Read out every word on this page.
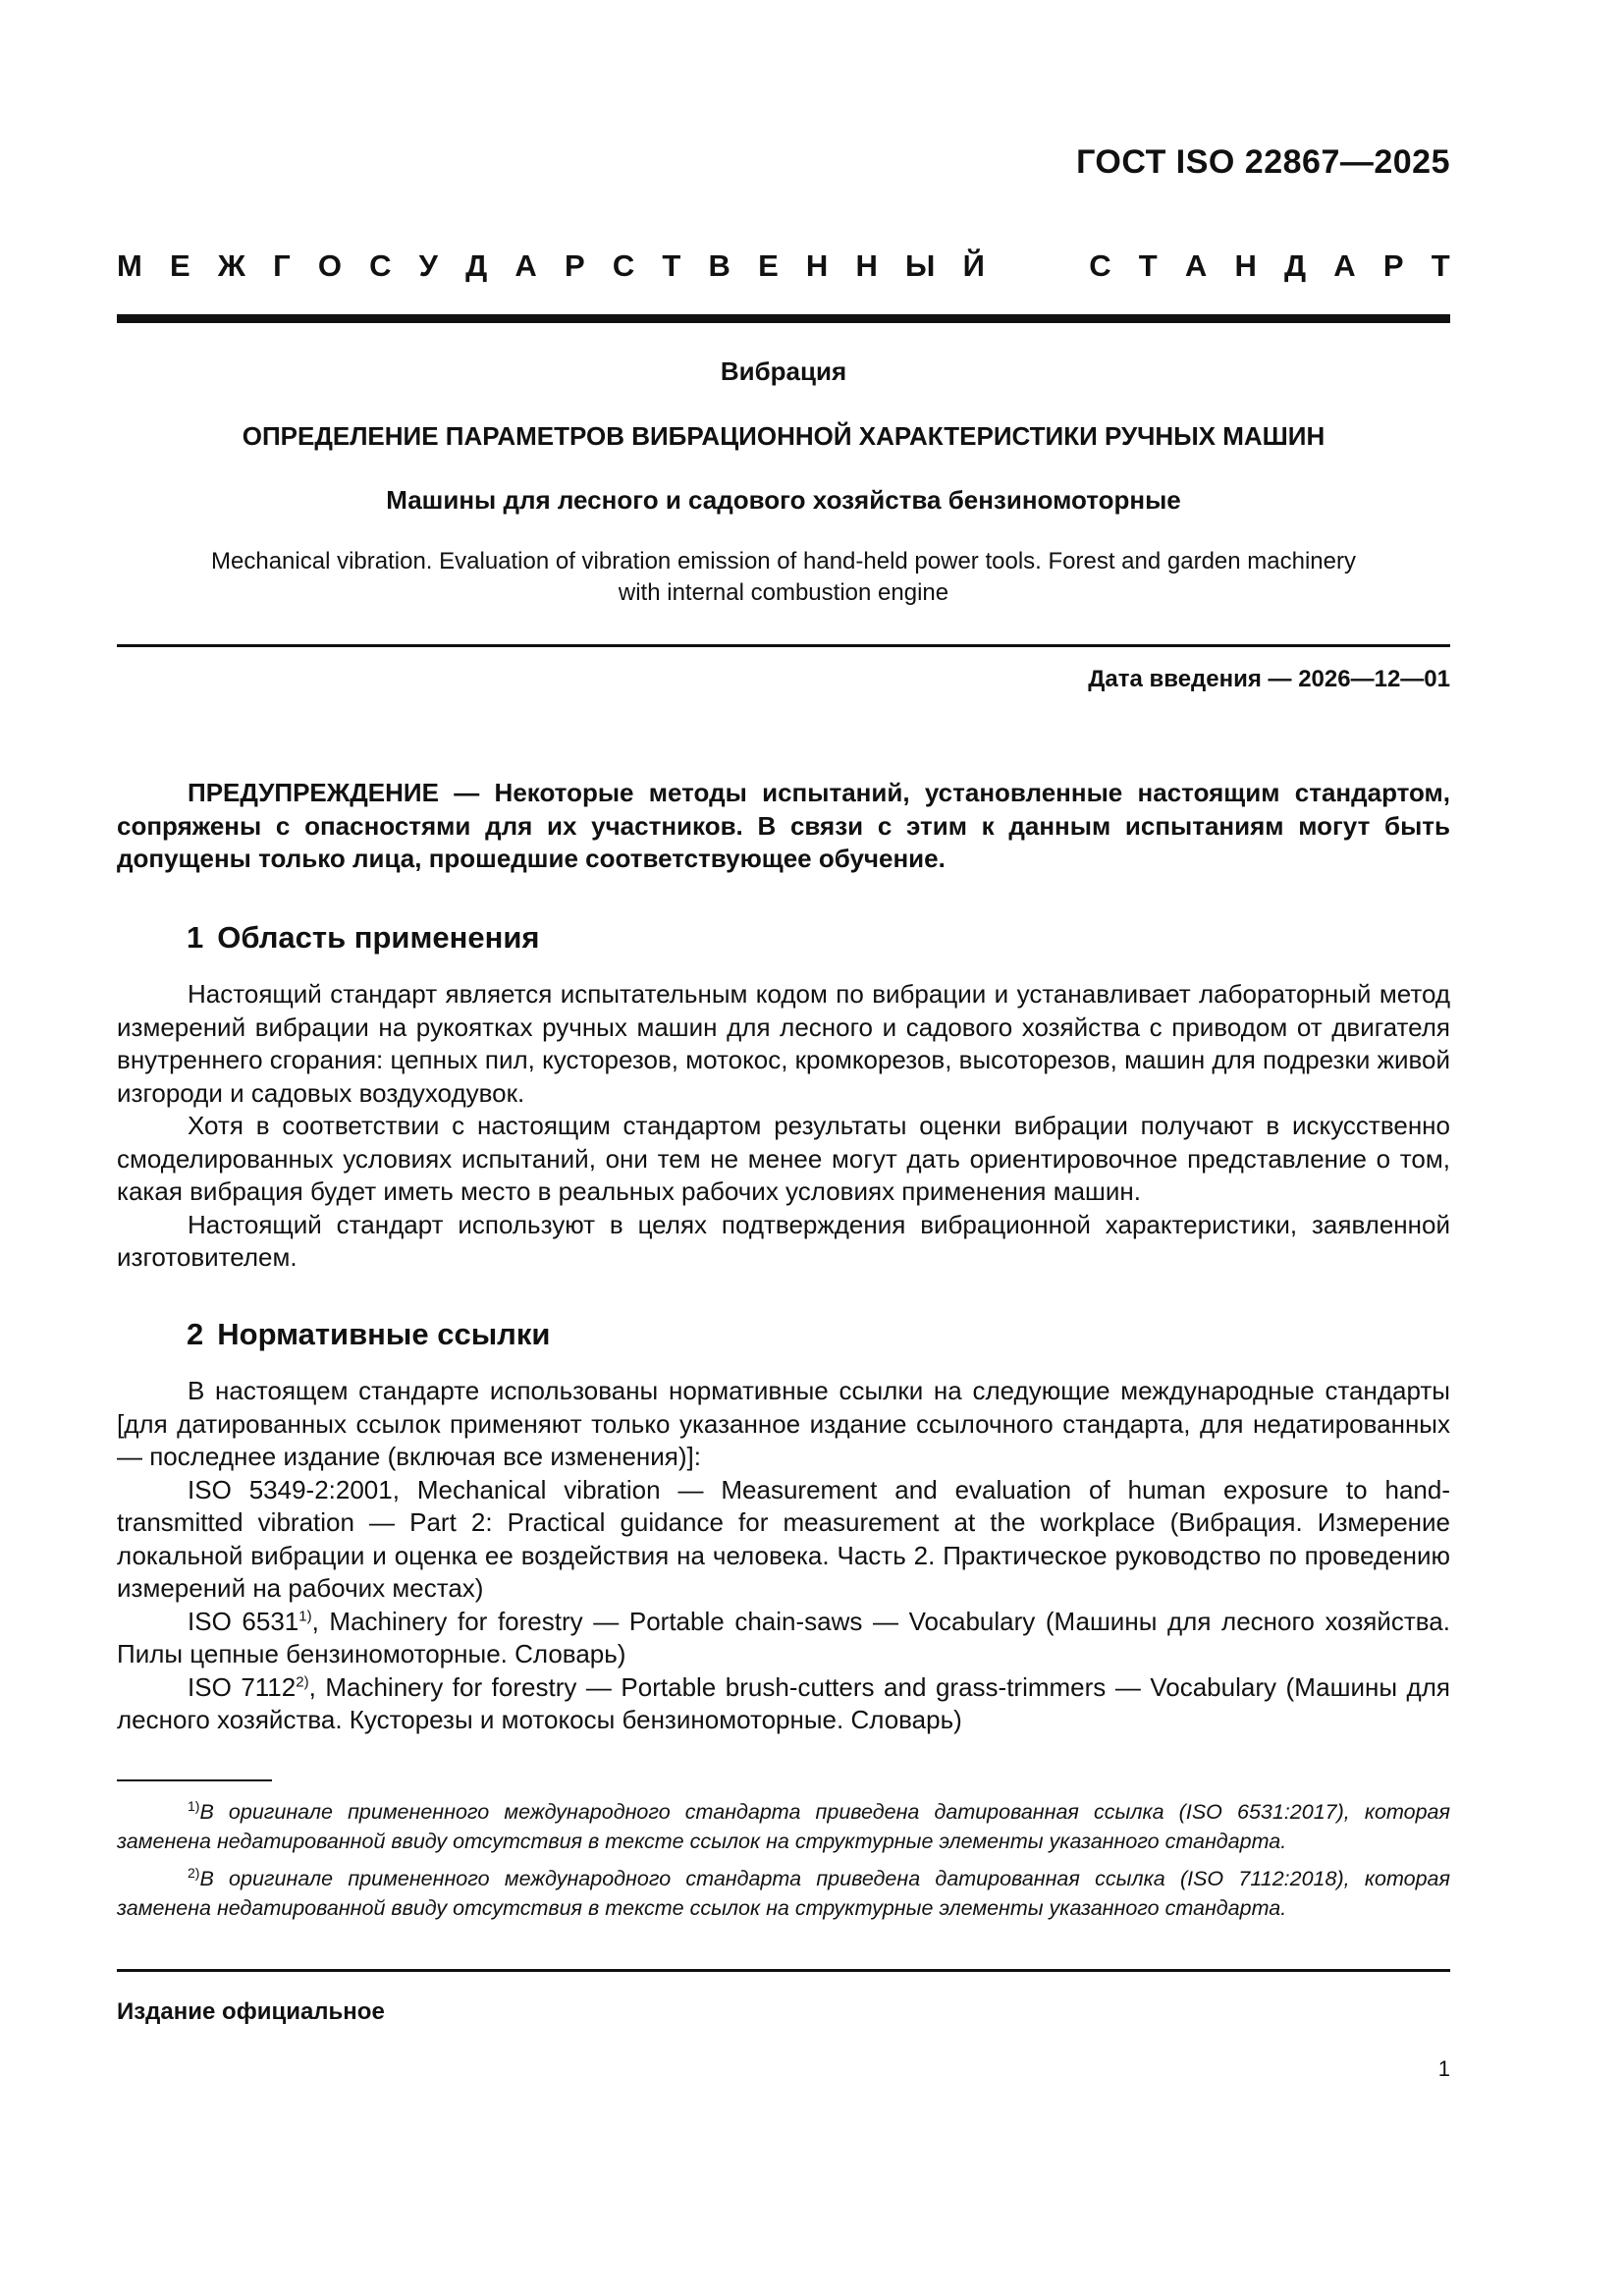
ГОСТ ISO 22867—2025
М Е Ж Г О С У Д А Р С Т В Е Н Н Ы Й	С Т А Н Д А Р Т
Вибрация
ОПРЕДЕЛЕНИЕ ПАРАМЕТРОВ ВИБРАЦИОННОЙ ХАРАКТЕРИСТИКИ РУЧНЫХ МАШИН
Машины для лесного и садового хозяйства бензиномоторные
Mechanical vibration. Evaluation of vibration emission of hand-held power tools. Forest and garden machinery
with internal combustion engine
Дата введения — 2026—12—01

ПРЕДУПРЕЖДЕНИЕ — Некоторые методы испытаний, установленные настоящим стандартом, сопряжены с опасностями для их участников. В связи с этим к данным испытаниям могут быть допущены только лица, прошедшие соответствующее обучение.

1 Область применения

Настоящий стандарт является испытательным кодом по вибрации и устанавливает лабораторный метод измерений вибрации на рукоятках ручных машин для лесного и садового хозяйства с приводом от двигателя внутреннего сгорания: цепных пил, кусторезов, мотокос, кромкорезов, высоторезов, машин для подрезки живой изгороди и садовых воздуходувок.

Хотя в соответствии с настоящим стандартом результаты оценки вибрации получают в искусственно смоделированных условиях испытаний, они тем не менее могут дать ориентировочное представление о том, какая вибрация будет иметь место в реальных рабочих условиях применения машин.

Настоящий стандарт используют в целях подтверждения вибрационной характеристики, заявленной изготовителем.

2 Нормативные ссылки

В настоящем стандарте использованы нормативные ссылки на следующие международные стандарты [для датированных ссылок применяют только указанное издание ссылочного стандарта, для недатированных — последнее издание (включая все изменения)]:

ISO 5349-2:2001, Mechanical vibration — Measurement and evaluation of human exposure to hand-transmitted vibration — Part 2: Practical guidance for measurement at the workplace (Вибрация. Измерение локальной вибрации и оценка ее воздействия на человека. Часть 2. Практическое руководство по проведению измерений на рабочих местах)

ISO 6531$^{1)}$, Machinery for forestry — Portable chain-saws — Vocabulary (Машины для лесного хозяйства. Пилы цепные бензиномоторные. Словарь)

ISO 7112$^{2)}$, Machinery for forestry — Portable brush-cutters and grass-trimmers — Vocabulary (Машины для лесного хозяйства. Кусторезы и мотокосы бензиномоторные. Словарь)

$^{1)}$В оригинале примененного международного стандарта приведена датированная ссылка (ISO 6531:2017), которая заменена недатированной ввиду отсутствия в тексте ссылок на структурные элементы указанного стандарта.

$^{2)}$В оригинале примененного международного стандарта приведена датированная ссылка (ISO 7112:2018), которая заменена недатированной ввиду отсутствия в тексте ссылок на структурные элементы указанного стандарта.

Издание официальное
1
